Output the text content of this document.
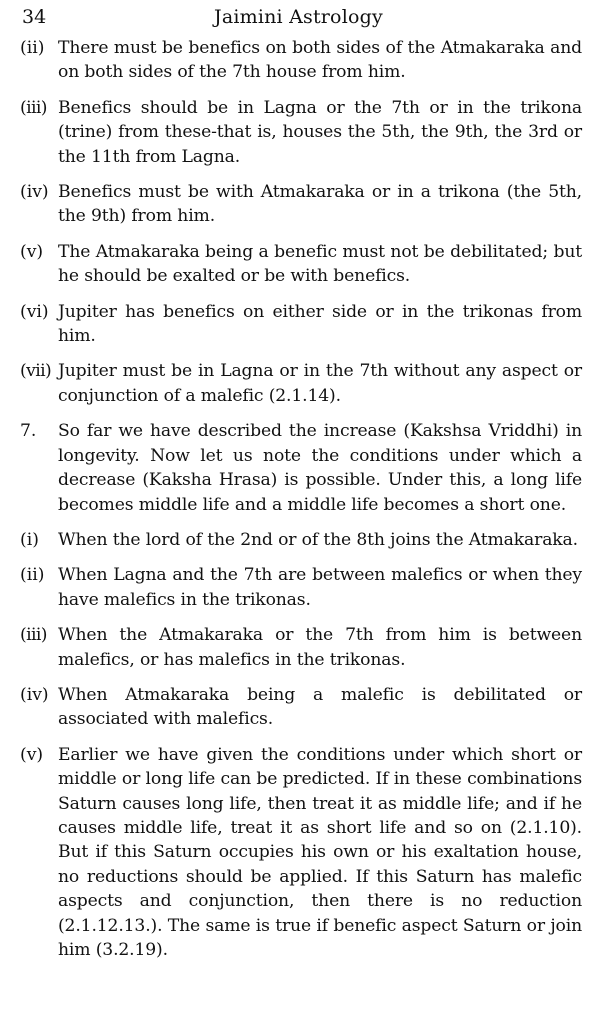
34	Jaimini Astrology
(ii) There must be benefics on both sides of the Atmakaraka and on both sides of the 7th house from him.
(iii) Benefics should be in Lagna or the 7th or in the trikona (trine) from these-that is, houses the 5th, the 9th, the 3rd or the 11th from Lagna.
(iv) Benefics must be with Atmakaraka or in a trikona (the 5th, the 9th) from him.
(v) The Atmakaraka being a benefic must not be debilitated; but he should be exalted or be with benefics.
(vi) Jupiter has benefics on either side or in the trikonas from him.
(vii) Jupiter must be in Lagna or in the 7th without any aspect or conjunction of a malefic (2.1.14).
7.	So far we have described the increase (Kakshsa Vriddhi) in longevity. Now let us note the conditions under which a decrease (Kaksha Hrasa) is possible. Under this, a long life becomes middle life and a middle life becomes a short one.
(i)	When the lord of the 2nd or of the 8th joins the Atmakaraka.
(ii) When Lagna and the 7th are between malefics or when they have malefics in the trikonas.
(iii) When the Atmakaraka or the 7th from him is between malefics, or has malefics in the trikonas.
(iv) When Atmakaraka being a malefic is debilitated or associated with malefics.
(v) Earlier we have given the conditions under which short or middle or long life can be predicted. If in these combinations Saturn causes long life, then treat it as middle life; and if he causes middle life, treat it as short life and so on (2.1.10). But if this Saturn occupies his own or his exaltation house, no reductions should be applied. If this Saturn has malefic aspects and conjunction, then there is no reduction (2.1.12.13.). The same is true if benefic aspect Saturn or join him (3.2.19).
